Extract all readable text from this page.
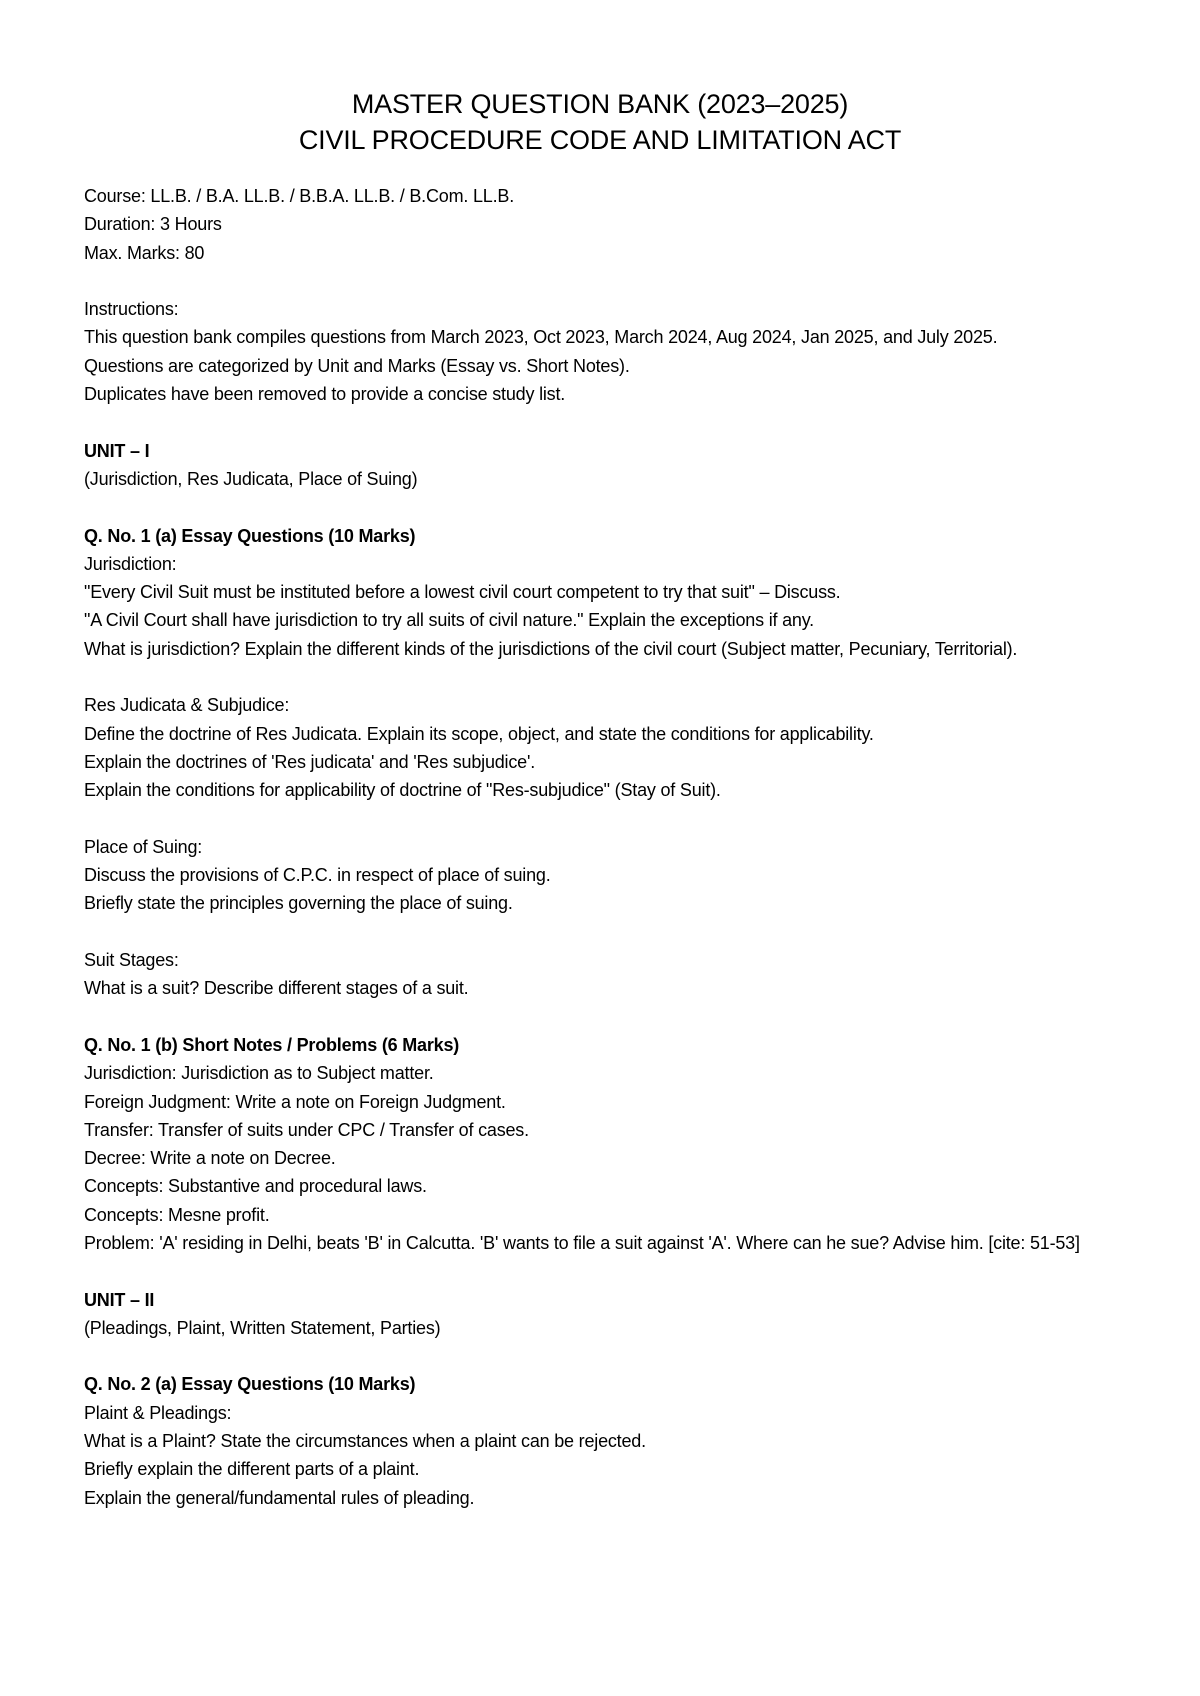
MASTER QUESTION BANK (2023–2025)
CIVIL PROCEDURE CODE AND LIMITATION ACT

Course: LL.B. / B.A. LL.B. / B.B.A. LL.B. / B.Com. LL.B.

Duration: 3 Hours

Max. Marks: 80

Instructions:

This question bank compiles questions from March 2023, Oct 2023, March 2024, Aug 2024, Jan 2025, and July 2025.

Questions are categorized by Unit and Marks (Essay vs. Short Notes).

Duplicates have been removed to provide a concise study list.

UNIT – I

(Jurisdiction, Res Judicata, Place of Suing)

Q. No. 1 (a) Essay Questions (10 Marks)

Jurisdiction:

"Every Civil Suit must be instituted before a lowest civil court competent to try that suit" – Discuss.

"A Civil Court shall have jurisdiction to try all suits of civil nature." Explain the exceptions if any.

What is jurisdiction? Explain the different kinds of the jurisdictions of the civil court (Subject matter, Pecuniary, Territorial).

Res Judicata & Subjudice:

Define the doctrine of Res Judicata. Explain its scope, object, and state the conditions for applicability.

Explain the doctrines of 'Res judicata' and 'Res subjudice'.

Explain the conditions for applicability of doctrine of "Res-subjudice" (Stay of Suit).

Place of Suing:

Discuss the provisions of C.P.C. in respect of place of suing.

Briefly state the principles governing the place of suing.

Suit Stages:

What is a suit? Describe different stages of a suit.

Q. No. 1 (b) Short Notes / Problems (6 Marks)

Jurisdiction: Jurisdiction as to Subject matter.

Foreign Judgment: Write a note on Foreign Judgment.

Transfer: Transfer of suits under CPC / Transfer of cases.

Decree: Write a note on Decree.

Concepts: Substantive and procedural laws.

Concepts: Mesne profit.

Problem: 'A' residing in Delhi, beats 'B' in Calcutta. 'B' wants to file a suit against 'A'. Where can he sue? Advise him. [cite: 51-53]

UNIT – II

(Pleadings, Plaint, Written Statement, Parties)

Q. No. 2 (a) Essay Questions (10 Marks)

Plaint & Pleadings:

What is a Plaint? State the circumstances when a plaint can be rejected.

Briefly explain the different parts of a plaint.

Explain the general/fundamental rules of pleading.
